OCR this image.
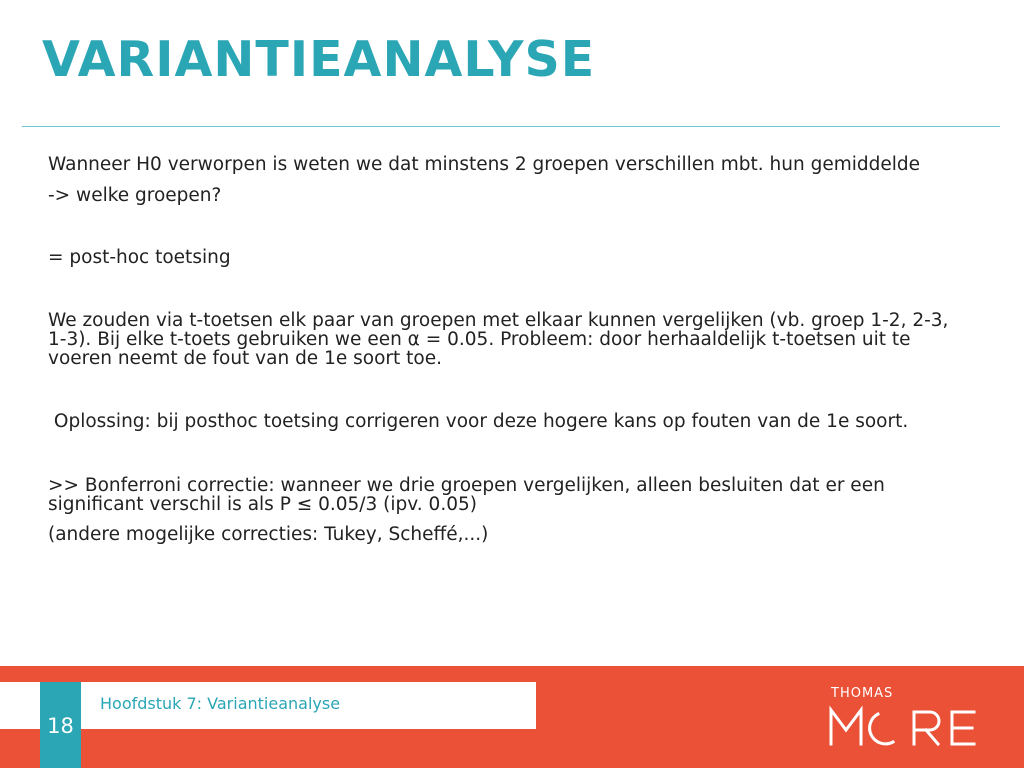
VARIANTIEANALYSE

Wanneer H0 verworpen is weten we dat minstens 2 groepen verschillen mbt. hun gemiddelde

-> welke groepen?

= post-hoc toetsing

We zouden via t-toetsen elk paar van groepen met elkaar kunnen vergelijken (vb. groep 1-2, 2-3, 1-3). Bij elke t-toets gebruiken we een α = 0.05. Probleem: door herhaaldelijk t-toetsen uit te voeren neemt de fout van de 1e soort toe.

Oplossing: bij posthoc toetsing corrigeren voor deze hogere kans op fouten van de 1e soort.

>> Bonferroni correctie: wanneer we drie groepen vergelijken, alleen besluiten dat er een significant verschil is als P ≤ 0.05/3 (ipv. 0.05)

(andere mogelijke correcties: Tukey, Scheffé,...)

Hoofdstuk 7: Variantieanalyse
18
THOMAS
